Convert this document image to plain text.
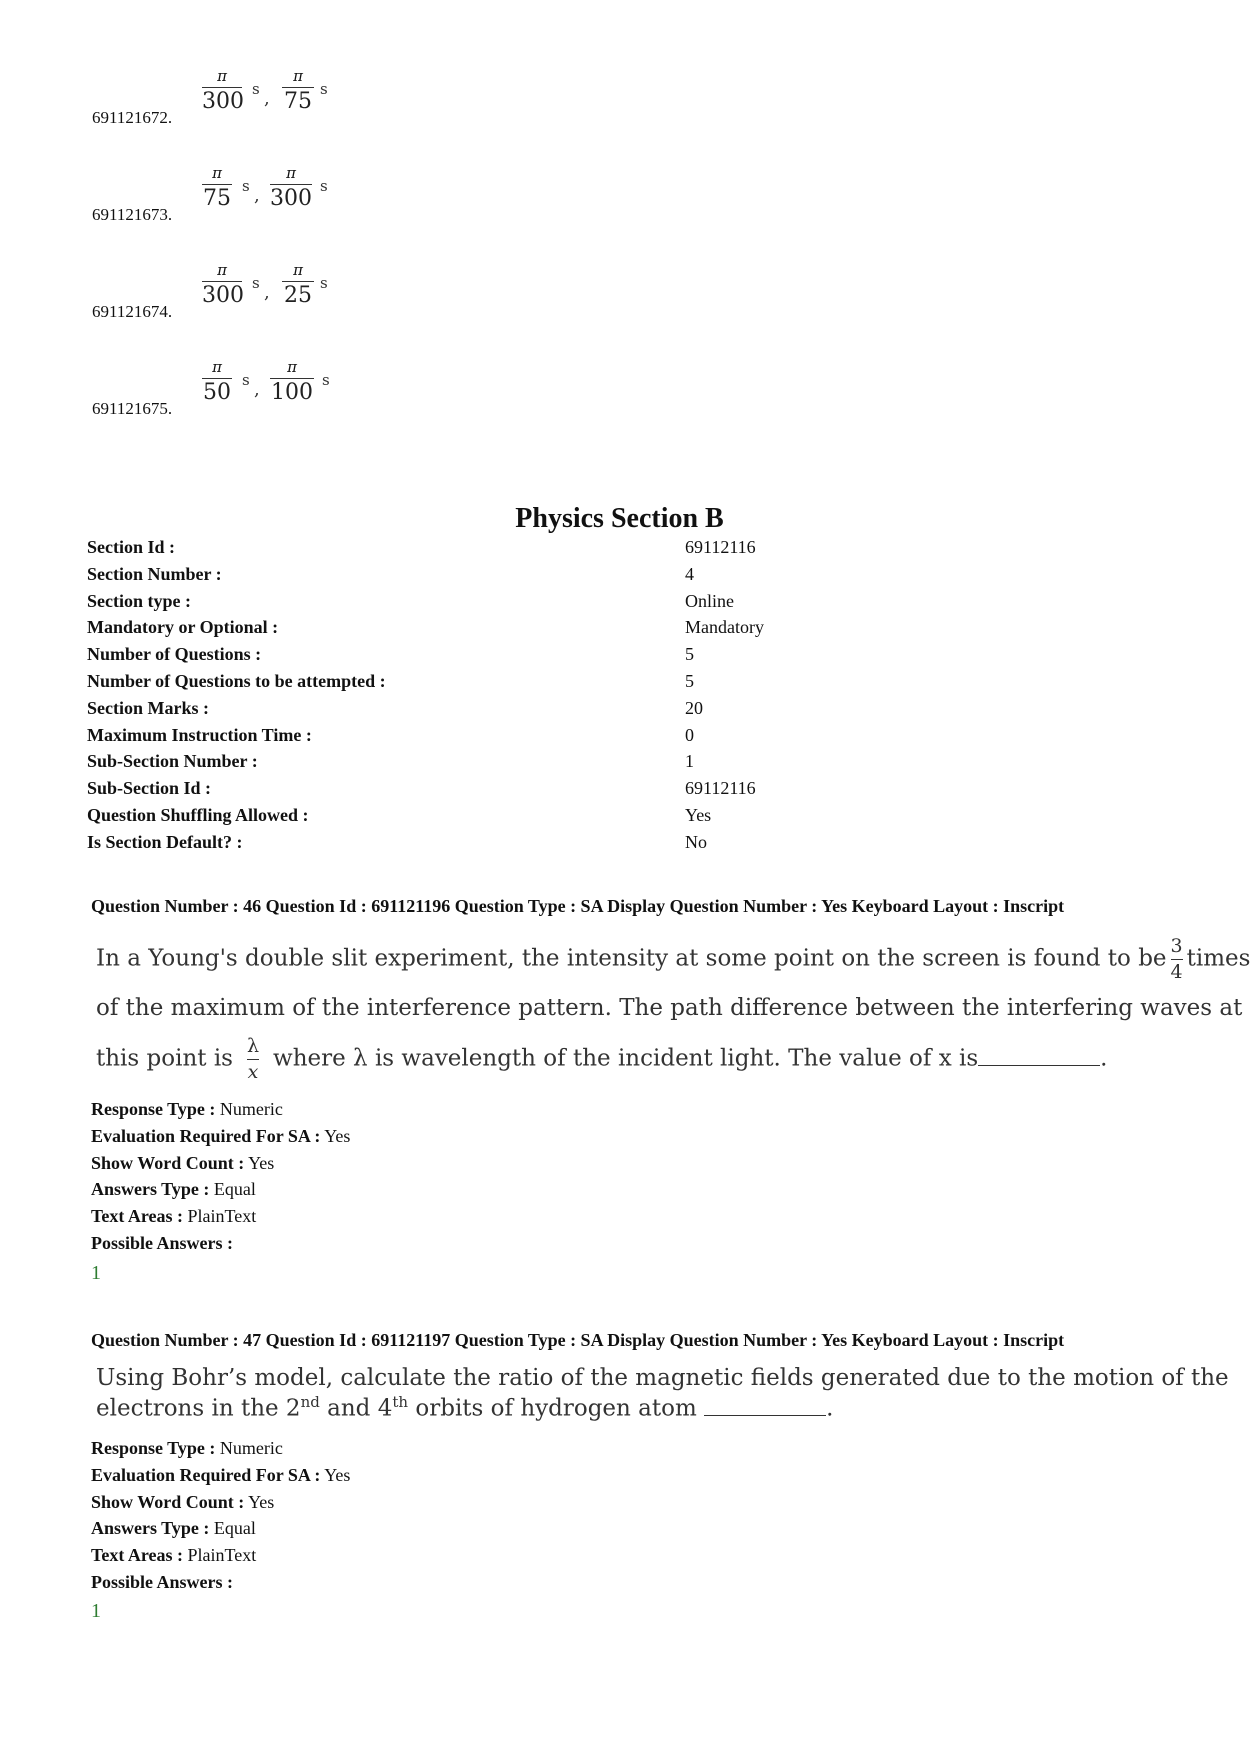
691121672.
π
300 s ,
π
75 s
691121673.
π
75 s ,
π
300 s
691121674.
π
300 s ,
π
25 s
691121675.
π
50 s ,
π
100 s
Physics Section B
Section Id :	69112116
Section Number :	4
Section type :	Online
Mandatory or Optional :	Mandatory
Number of Questions :	5
Number of Questions to be attempted :	5
Section Marks :	20
Maximum Instruction Time :	0
Sub-Section Number :	1
Sub-Section Id :	69112116
Question Shuffling Allowed :	Yes
Is Section Default? :	No
Question Number : 46 Question Id : 691121196 Question Type : SA Display Question Number : Yes Keyboard Layout : Inscript
In a Young's double slit experiment, the intensity at some point on the screen is found to be $\frac{3}{4}$ times
of the maximum of the interference pattern. The path difference between the interfering waves at
this point is $\frac{\lambda}{x}$ where λ is wavelength of the incident light. The value of x is	.
Response Type : Numeric
Evaluation Required For SA : Yes
Show Word Count : Yes
Answers Type : Equal
Text Areas : PlainText
Possible Answers :
1
Question Number : 47 Question Id : 691121197 Question Type : SA Display Question Number : Yes Keyboard Layout : Inscript
Using Bohr’s model, calculate the ratio of the magnetic fields generated due to the motion of the
electrons in the 2nd and 4th orbits of hydrogen atom	.
Response Type : Numeric
Evaluation Required For SA : Yes
Show Word Count : Yes
Answers Type : Equal
Text Areas : PlainText
Possible Answers :
1
